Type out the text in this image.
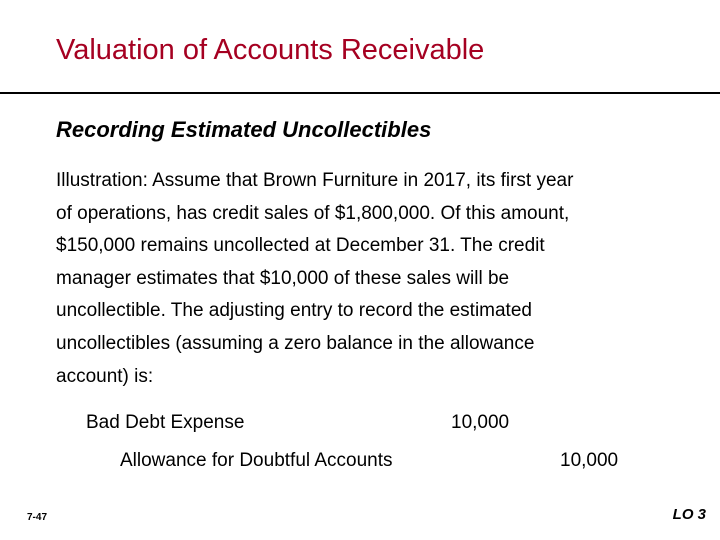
Valuation of Accounts Receivable
Recording Estimated Uncollectibles
Illustration: Assume that Brown Furniture in 2017, its first year
of operations, has credit sales of $1,800,000. Of this amount,
$150,000 remains uncollected at December 31. The credit
manager estimates that $10,000 of these sales will be
uncollectible. The adjusting entry to record the estimated
uncollectibles (assuming a zero balance in the allowance
account) is:
Bad Debt Expense	10,000
Allowance for Doubtful Accounts	10,000
7-47	LO 3
